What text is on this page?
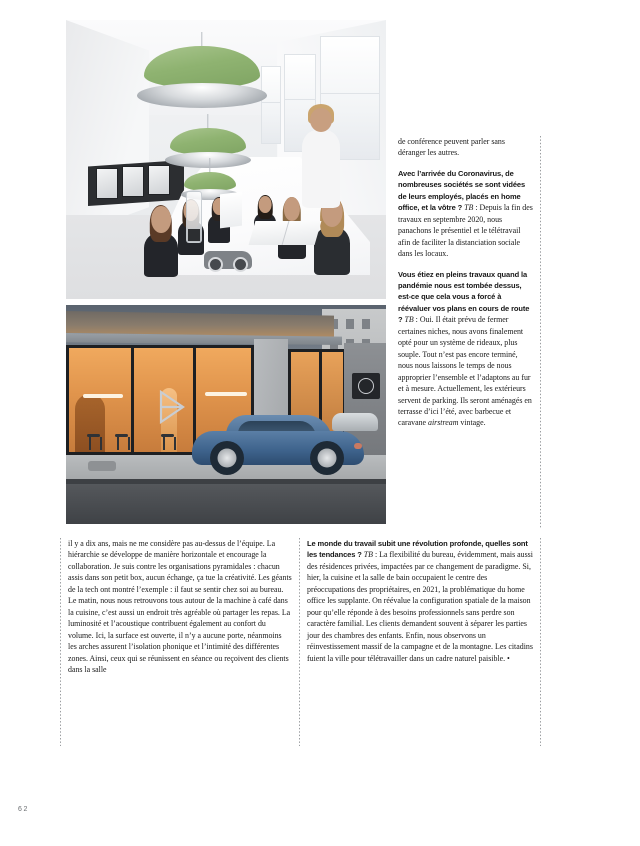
de conférence peuvent parler sans déranger les autres.

Avec l’arrivée du Coronavirus, de nombreuses sociétés se sont vidées de leurs employés, placés en home office, et la vôtre ? TB : Depuis la fin des travaux en septembre 2020, nous panachons le présentiel et le télétravail afin de faciliter la distanciation sociale dans les locaux.

Vous étiez en pleins travaux quand la pandémie nous est tombée dessus, est-ce que cela vous a forcé à réévaluer vos plans en cours de route ? TB : Oui. Il était prévu de fermer certaines niches, nous avons finalement opté pour un système de rideaux, plus souple. Tout n’est pas encore terminé, nous nous laissons le temps de nous approprier l’ensemble et l’adaptons au fur et à mesure. Actuellement, les extérieurs servent de parking. Ils seront aménagés en terrasse d’ici l’été, avec barbecue et caravane airstream vintage.

il y a dix ans, mais ne me considère pas au-dessus de l’équipe. La hiérarchie se développe de manière horizontale et encourage la collaboration. Je suis contre les organisations pyramidales : chacun assis dans son petit box, aucun échange, ça tue la créativité. Les géants de la tech ont montré l’exemple : il faut se sentir chez soi au bureau. Le matin, nous nous retrouvons tous autour de la machine à café dans la cuisine, c’est aussi un endroit très agréable où partager les repas. La luminosité et l’acoustique contribuent également au confort du volume. Ici, la surface est ouverte, il n’y a aucune porte, néanmoins les arches assurent l’isolation phonique et l’intimité des différentes zones. Ainsi, ceux qui se réunissent en séance ou reçoivent des clients dans la salle

Le monde du travail subit une révolution profonde, quelles sont les tendances ? TB : La flexibilité du bureau, évidemment, mais aussi des résidences privées, impactées par ce changement de paradigme. Si, hier, la cuisine et la salle de bain occupaient le centre des préoccupations des propriétaires, en 2021, la problématique du home office les supplante. On réévalue la configuration spatiale de la maison pour qu’elle réponde à des besoins professionnels sans perdre son caractère familial. Les clients demandent souvent à séparer les parties jour des chambres des enfants. Enfin, nous observons un réinvestissement massif de la campagne et de la montagne. Les citadins fuient la ville pour télétravailler dans un cadre naturel paisible. •

62
